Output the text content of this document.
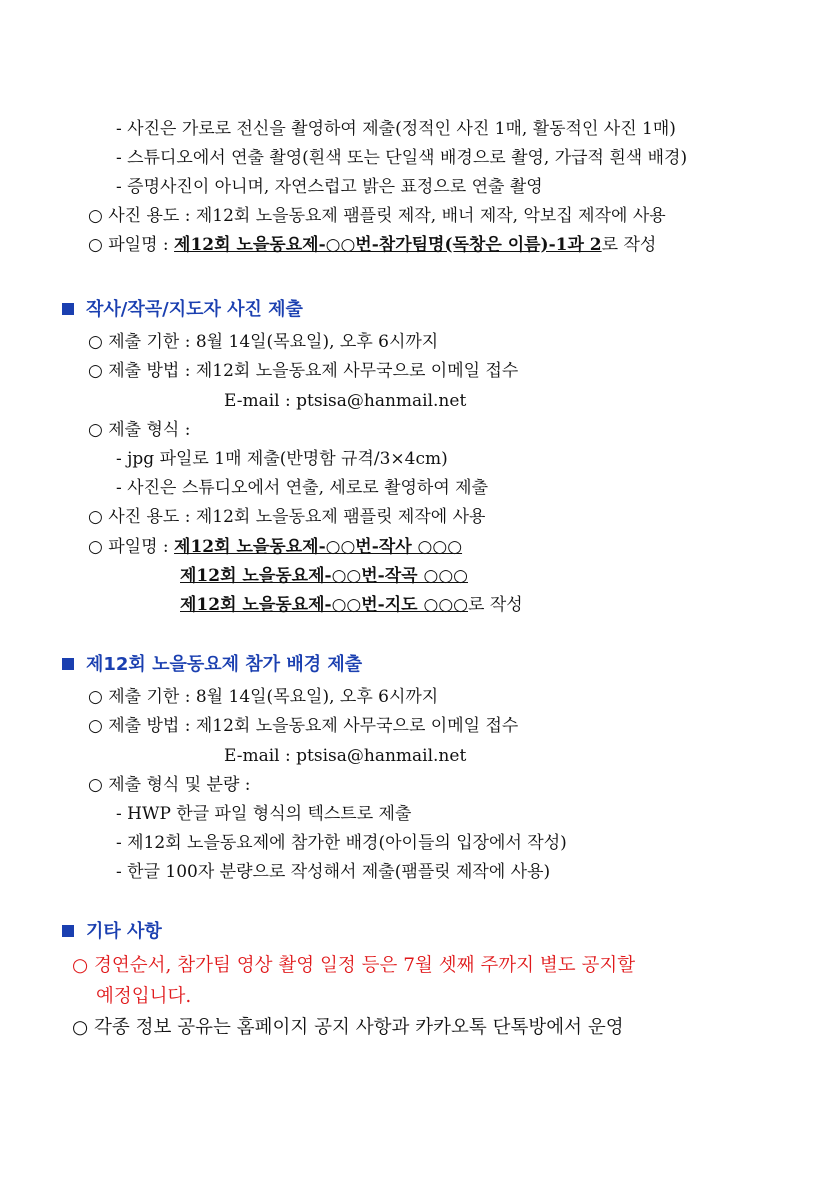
- 사진은 가로로 전신을 촬영하여 제출(정적인 사진 1매, 활동적인 사진 1매)
- 스튜디오에서 연출 촬영(흰색 또는 단일색 배경으로 촬영, 가급적 흰색 배경)
- 증명사진이 아니며, 자연스럽고 밝은 표정으로 연출 촬영
○ 사진 용도 : 제12회 노을동요제 팸플릿 제작, 배너 제작, 악보집 제작에 사용
○ 파일명 : 제12회 노을동요제-○○번-참가팀명(독창은 이름)-1과 2로 작성
작사/작곡/지도자 사진 제출
○ 제출 기한 : 8월 14일(목요일), 오후 6시까지
○ 제출 방법 : 제12회 노을동요제 사무국으로 이메일 접수
E-mail : ptsisa@hanmail.net
○ 제출 형식 :
- jpg 파일로 1매 제출(반명함 규격/3×4cm)
- 사진은 스튜디오에서 연출, 세로로 촬영하여 제출
○ 사진 용도 : 제12회 노을동요제 팸플릿 제작에 사용
○ 파일명 : 제12회 노을동요제-○○번-작사 ○○○
제12회 노을동요제-○○번-작곡 ○○○
제12회 노을동요제-○○번-지도 ○○○로 작성
제12회 노을동요제 참가 배경 제출
○ 제출 기한 : 8월 14일(목요일), 오후 6시까지
○ 제출 방법 : 제12회 노을동요제 사무국으로 이메일 접수
E-mail : ptsisa@hanmail.net
○ 제출 형식 및 분량 :
- HWP 한글 파일 형식의 텍스트로 제출
- 제12회 노을동요제에 참가한 배경(아이들의 입장에서 작성)
- 한글 100자 분량으로 작성해서 제출(팸플릿 제작에 사용)
기타 사항
○ 경연순서, 참가팀 영상 촬영 일정 등은 7월 셋째 주까지 별도 공지할
예정입니다.
○ 각종 정보 공유는 홈페이지 공지 사항과 카카오톡 단톡방에서 운영
